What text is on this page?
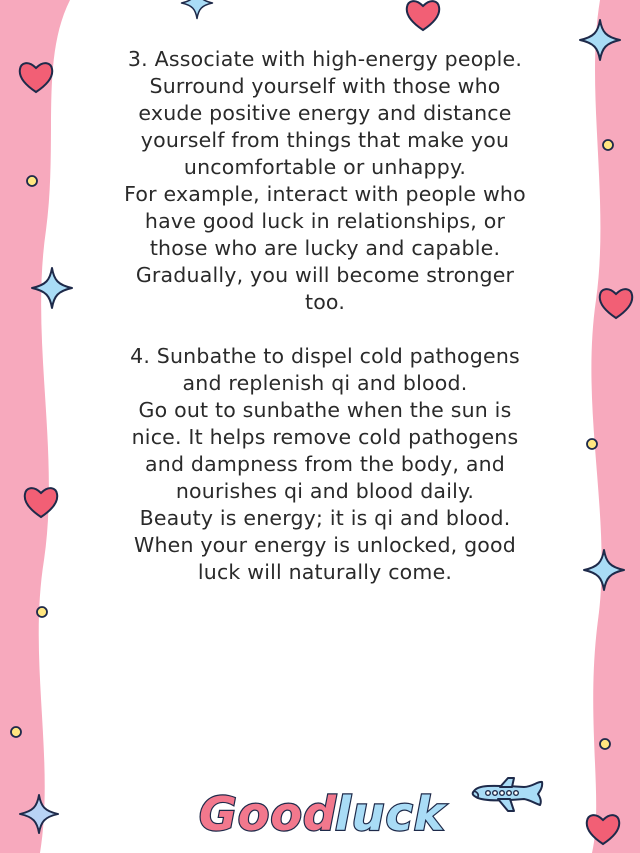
3. Associate with high-energy people.

Surround yourself with those who exude positive energy and distance yourself from things that make you uncomfortable or unhappy.

For example, interact with people who have good luck in relationships, or those who are lucky and capable.

Gradually, you will become stronger too.

4. Sunbathe to dispel cold pathogens and replenish qi and blood.

Go out to sunbathe when the sun is nice. It helps remove cold pathogens and dampness from the body, and nourishes qi and blood daily.

Beauty is energy; it is qi and blood.

When your energy is unlocked, good luck will naturally come.

Good
luck
